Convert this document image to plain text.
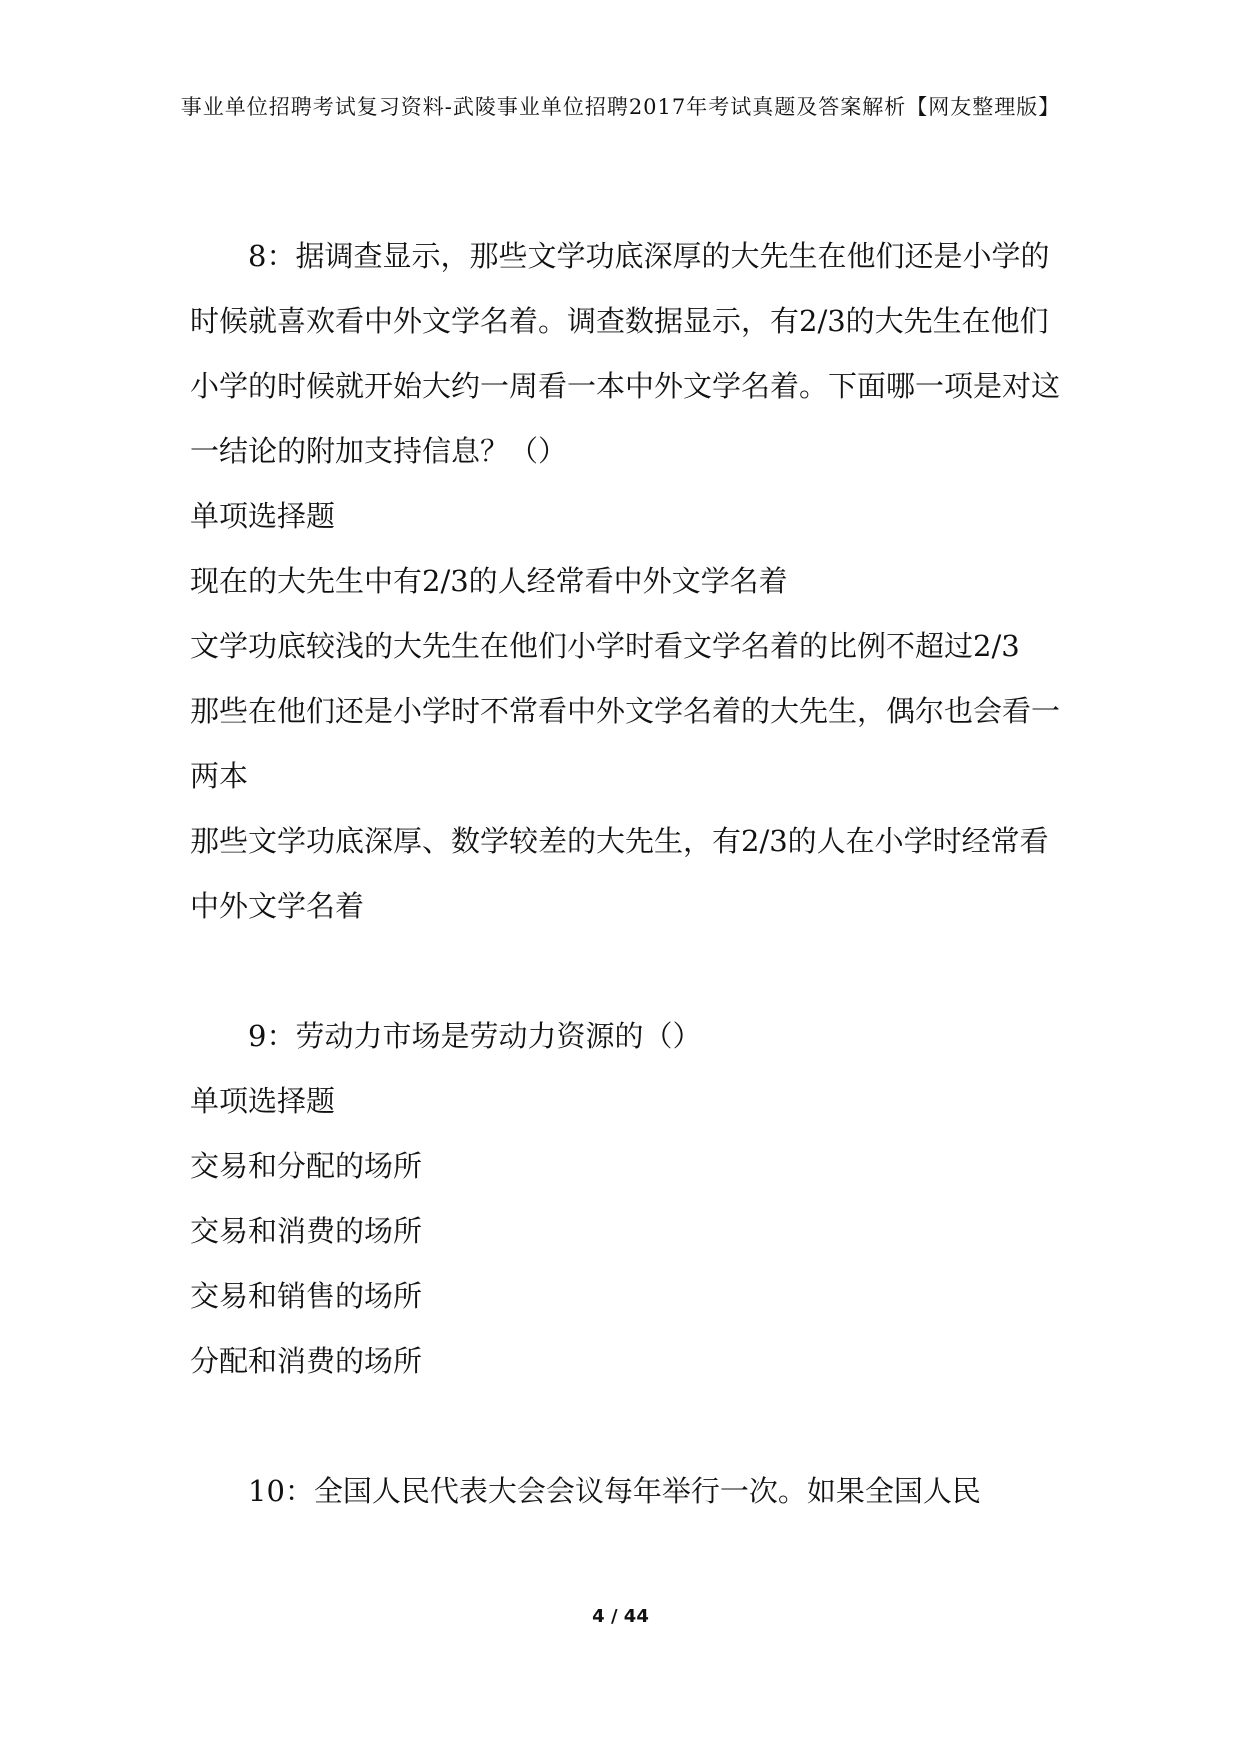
事业单位招聘考试复习资料-武陵事业单位招聘2017年考试真题及答案解析【网友整理版】

8：据调查显示，那些文学功底深厚的大先生在他们还是小学的时候就喜欢看中外文学名着。调查数据显示，有2/3的大先生在他们小学的时候就开始大约一周看一本中外文学名着。下面哪一项是对这一结论的附加支持信息？（）

单项选择题

现在的大先生中有2/3的人经常看中外文学名着

文学功底较浅的大先生在他们小学时看文学名着的比例不超过2/3

那些在他们还是小学时不常看中外文学名着的大先生，偶尔也会看一两本

那些文学功底深厚、数学较差的大先生，有2/3的人在小学时经常看中外文学名着

9：劳动力市场是劳动力资源的（）

单项选择题

交易和分配的场所

交易和消费的场所

交易和销售的场所

分配和消费的场所

10：全国人民代表大会会议每年举行一次。如果全国人民

4 / 44
